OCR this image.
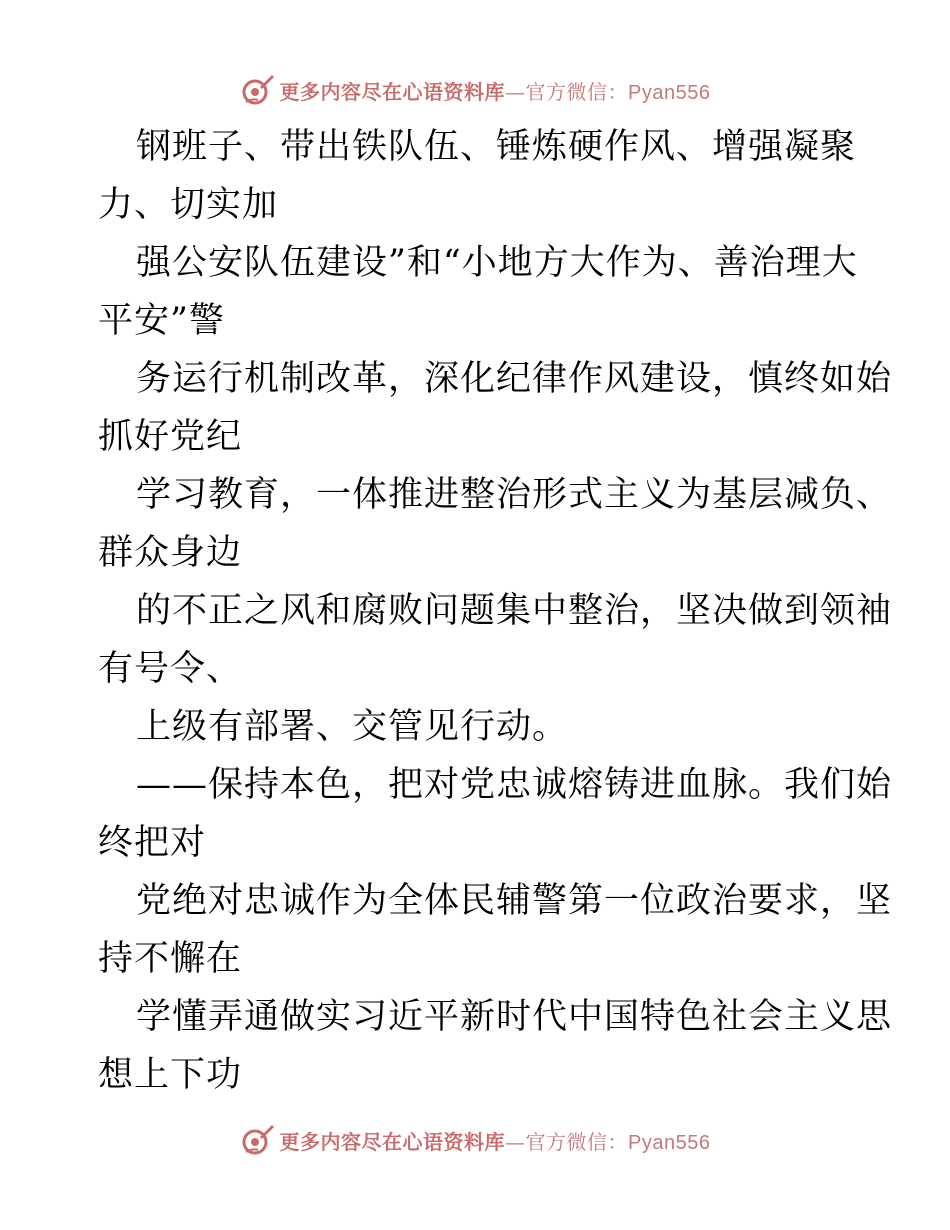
更多内容尽在心语资料库—官方微信：Pyan556
钢班子、带出铁队伍、锤炼硬作风、增强凝聚
力、切实加
强公安队伍建设”和“小地方大作为、善治理大
平安”警
务运行机制改革，深化纪律作风建设，慎终如始
抓好党纪
学习教育，一体推进整治形式主义为基层减负、
群众身边
的不正之风和腐败问题集中整治，坚决做到领袖
有号令、
上级有部署、交管见行动。
——保持本色，把对党忠诚熔铸进血脉。我们始
终把对
党绝对忠诚作为全体民辅警第一位政治要求，坚
持不懈在
学懂弄通做实习近平新时代中国特色社会主义思
想上下功
更多内容尽在心语资料库—官方微信：Pyan556
